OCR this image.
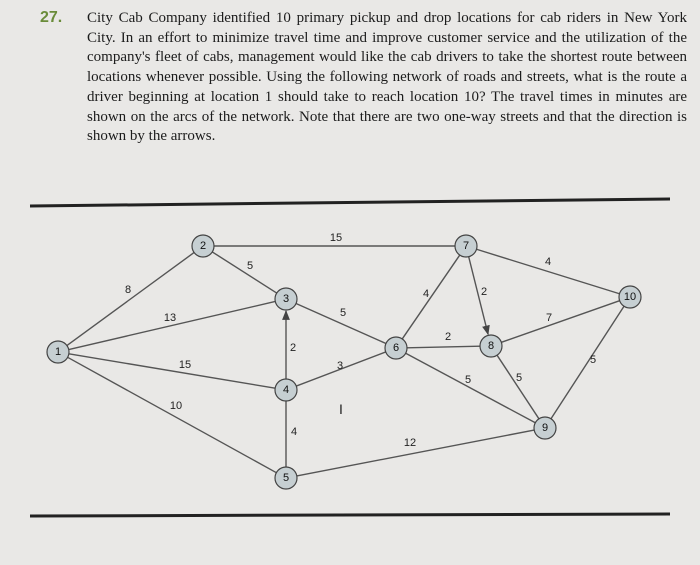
27. City Cab Company identified 10 primary pickup and drop locations for cab riders in New York City. In an effort to minimize travel time and improve customer service and the utilization of the company's fleet of cabs, management would like the cab drivers to take the shortest route between locations whenever possible. Using the following network of roads and streets, what is the route a driver beginning at location 1 should take to reach location 10? The travel times in minutes are shown on the arcs of the network. Note that there are two one-way streets and that the direction is shown by the arrows.
8
13
15
10
5
15
2
5
4
3
12
4
2
5
2
4
5
7
5
1
2
3
4
5
6
7
8
9
10
I
